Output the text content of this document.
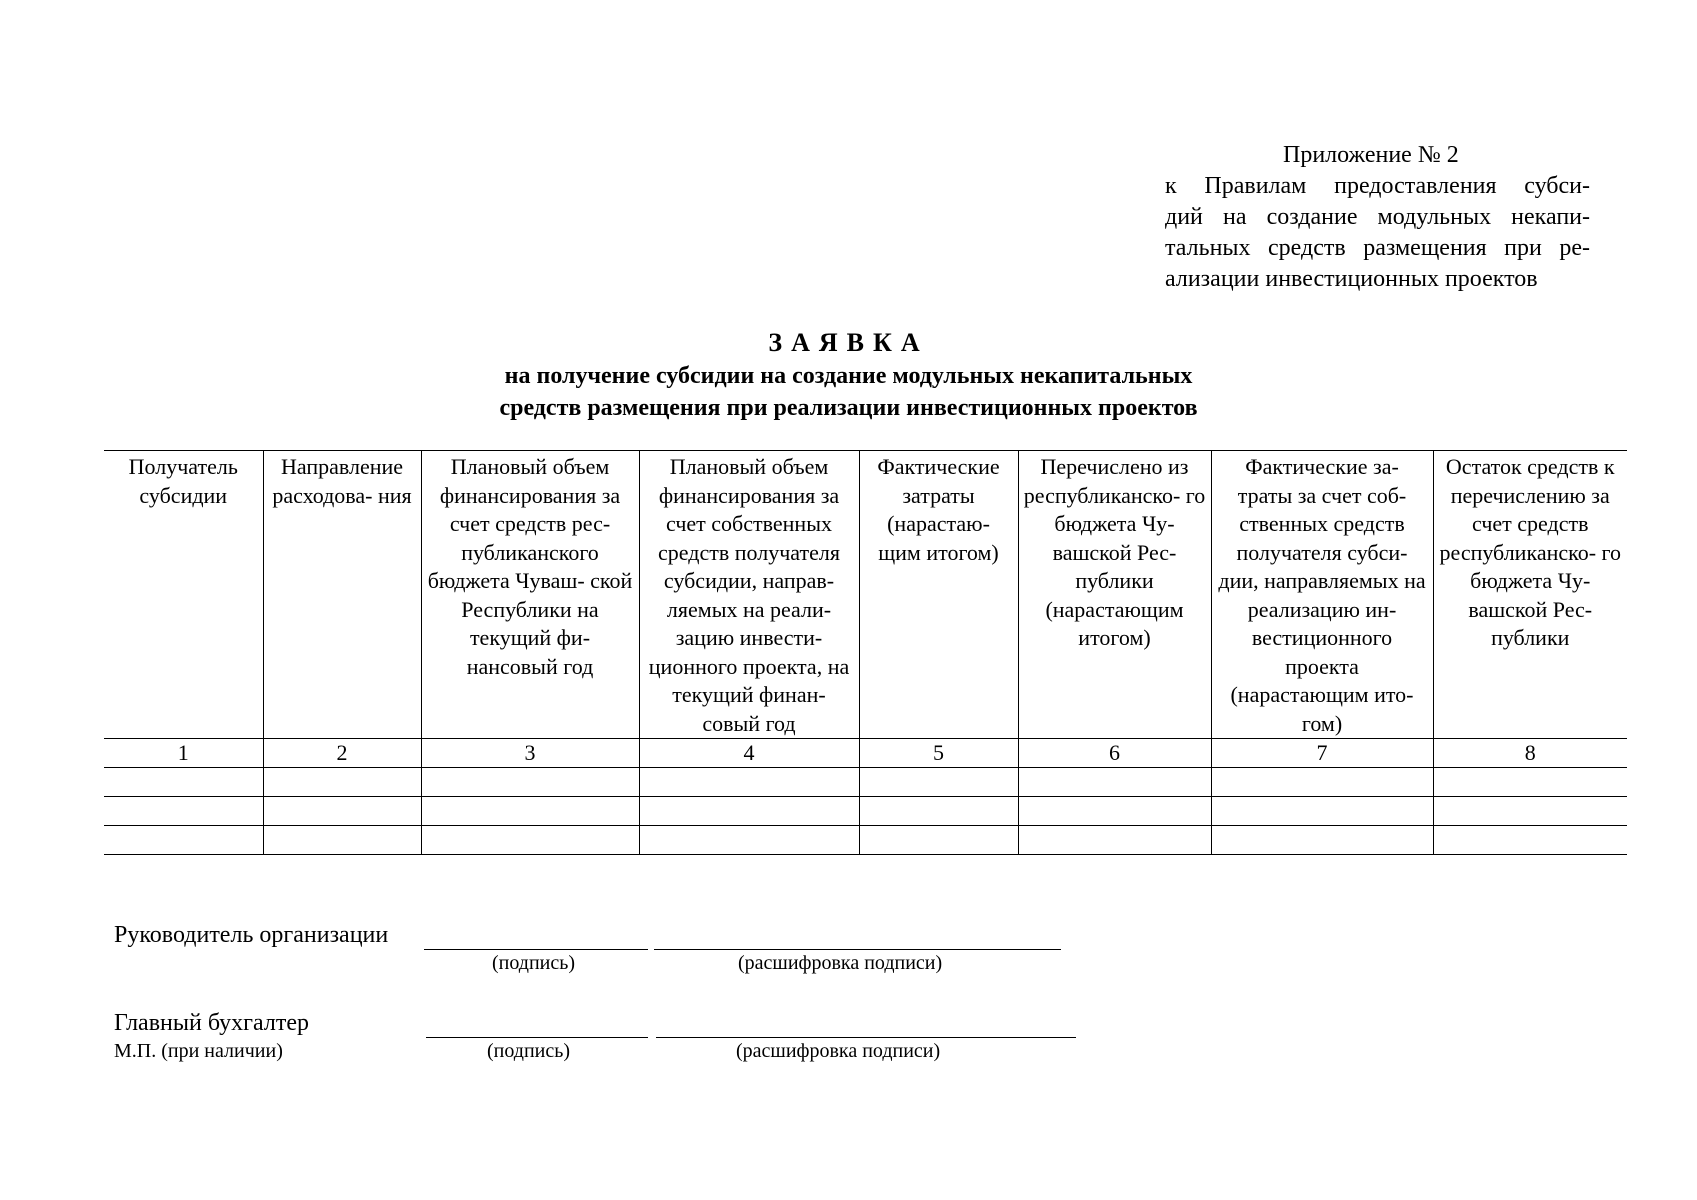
Приложение № 2
к Правилам предоставления субси-
дий на создание модульных некапи-
тальных средств размещения при ре-
ализации инвестиционных проектов
ЗАЯВКА
на получение субсидии на создание модульных некапитальных
средств размещения при реализации инвестиционных проектов
Получатель субсидии	Направление расходова- ния	Плановый объем финансирования за счет средств рес- публиканского бюджета Чуваш- ской Республики на текущий фи- нансовый год	Плановый объем финансирования за счет собственных средств получателя субсидии, направ- ляемых на реали- зацию инвести- ционного проекта, на текущий финан- совый год	Фактические затраты (нарастаю- щим итогом)	Перечислено из республиканско- го бюджета Чу- вашской Рес- публики (нарастающим итогом)	Фактические за- траты за счет соб- ственных средств получателя субси- дии, направляемых на реализацию ин- вестиционного проекта (нарастающим ито- гом)	Остаток средств к перечислению за счет средств республиканско- го бюджета Чу- вашской Рес- публики
1	2	3	4	5	6	7	8

Руководитель организации
(подпись)	(расшифровка подписи)
Главный бухгалтер
М.П. (при наличии)	(подпись)	(расшифровка подписи)
